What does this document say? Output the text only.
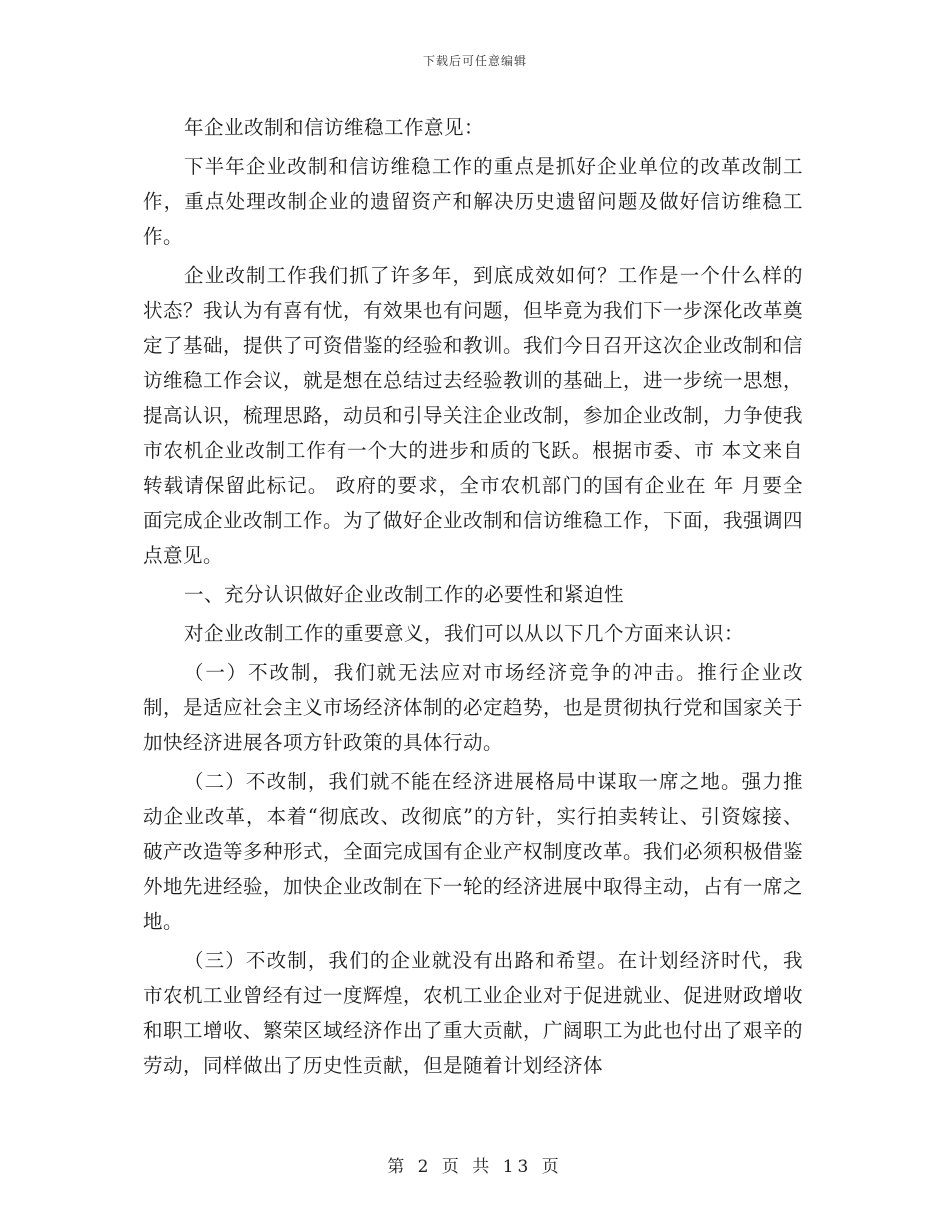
下载后可任意编辑

年企业改制和信访维稳工作意见：

下半年企业改制和信访维稳工作的重点是抓好企业单位的改革改制工作，重点处理改制企业的遗留资产和解决历史遗留问题及做好信访维稳工作。

企业改制工作我们抓了许多年，到底成效如何？工作是一个什么样的状态？我认为有喜有忧，有效果也有问题，但毕竟为我们下一步深化改革奠定了基础，提供了可资借鉴的经验和教训。我们今日召开这次企业改制和信访维稳工作会议，就是想在总结过去经验教训的基础上，进一步统一思想，提高认识，梳理思路，动员和引导关注企业改制，参加企业改制，力争使我市农机企业改制工作有一个大的进步和质的飞跃。根据市委、市 本文来自转载请保留此标记。 政府的要求，全市农机部门的国有企业在 年 月要全面完成企业改制工作。为了做好企业改制和信访维稳工作，下面，我强调四点意见。

一、充分认识做好企业改制工作的必要性和紧迫性

对企业改制工作的重要意义，我们可以从以下几个方面来认识：

（一）不改制，我们就无法应对市场经济竞争的冲击。推行企业改制，是适应社会主义市场经济体制的必定趋势，也是贯彻执行党和国家关于加快经济进展各项方针政策的具体行动。

（二）不改制，我们就不能在经济进展格局中谋取一席之地。强力推动企业改革，本着“彻底改、改彻底”的方针，实行拍卖转让、引资嫁接、破产改造等多种形式，全面完成国有企业产权制度改革。我们必须积极借鉴外地先进经验，加快企业改制在下一轮的经济进展中取得主动，占有一席之地。

（三）不改制，我们的企业就没有出路和希望。在计划经济时代，我市农机工业曾经有过一度辉煌，农机工业企业对于促进就业、促进财政增收和职工增收、繁荣区域经济作出了重大贡献，广阔职工为此也付出了艰辛的劳动，同样做出了历史性贡献，但是随着计划经济体

第 2 页 共 13 页
